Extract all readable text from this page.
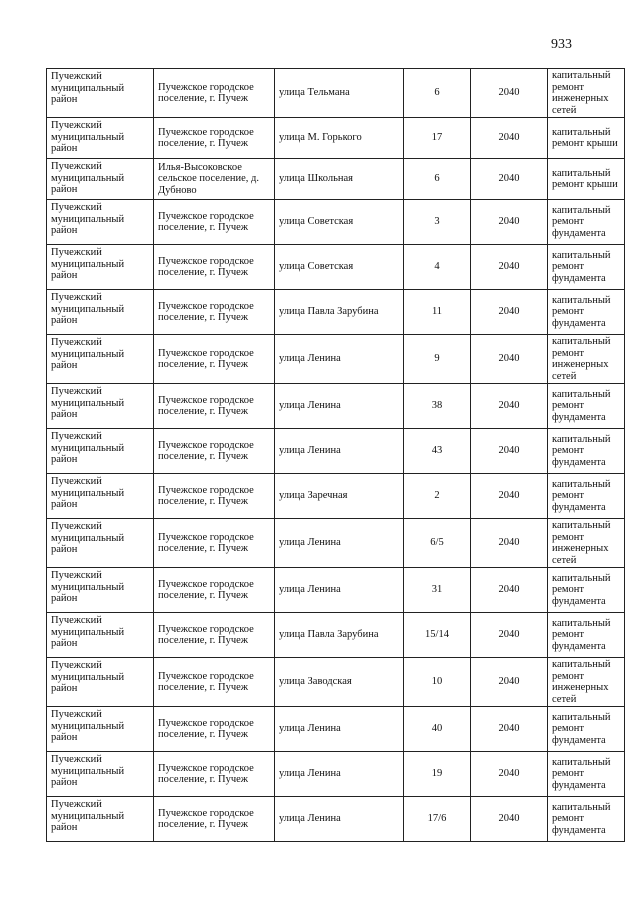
933
Пучежский муниципальный район	Пучежское городское поселение, г. Пучеж	улица Тельмана	6	2040	капитальный ремонт инженерных сетей
Пучежский муниципальный район	Пучежское городское поселение, г. Пучеж	улица М. Горького	17	2040	капитальный ремонт крыши
Пучежский муниципальный район	Илья-Высоковское сельское поселение, д. Дубново	улица Школьная	6	2040	капитальный ремонт крыши
Пучежский муниципальный район	Пучежское городское поселение, г. Пучеж	улица Советская	3	2040	капитальный ремонт фундамента
Пучежский муниципальный район	Пучежское городское поселение, г. Пучеж	улица Советская	4	2040	капитальный ремонт фундамента
Пучежский муниципальный район	Пучежское городское поселение, г. Пучеж	улица Павла Зарубина	11	2040	капитальный ремонт фундамента
Пучежский муниципальный район	Пучежское городское поселение, г. Пучеж	улица Ленина	9	2040	капитальный ремонт инженерных сетей
Пучежский муниципальный район	Пучежское городское поселение, г. Пучеж	улица Ленина	38	2040	капитальный ремонт фундамента
Пучежский муниципальный район	Пучежское городское поселение, г. Пучеж	улица Ленина	43	2040	капитальный ремонт фундамента
Пучежский муниципальный район	Пучежское городское поселение, г. Пучеж	улица Заречная	2	2040	капитальный ремонт фундамента
Пучежский муниципальный район	Пучежское городское поселение, г. Пучеж	улица Ленина	6/5	2040	капитальный ремонт инженерных сетей
Пучежский муниципальный район	Пучежское городское поселение, г. Пучеж	улица Ленина	31	2040	капитальный ремонт фундамента
Пучежский муниципальный район	Пучежское городское поселение, г. Пучеж	улица Павла Зарубина	15/14	2040	капитальный ремонт фундамента
Пучежский муниципальный район	Пучежское городское поселение, г. Пучеж	улица Заводская	10	2040	капитальный ремонт инженерных сетей
Пучежский муниципальный район	Пучежское городское поселение, г. Пучеж	улица Ленина	40	2040	капитальный ремонт фундамента
Пучежский муниципальный район	Пучежское городское поселение, г. Пучеж	улица Ленина	19	2040	капитальный ремонт фундамента
Пучежский муниципальный район	Пучежское городское поселение, г. Пучеж	улица Ленина	17/6	2040	капитальный ремонт фундамента
